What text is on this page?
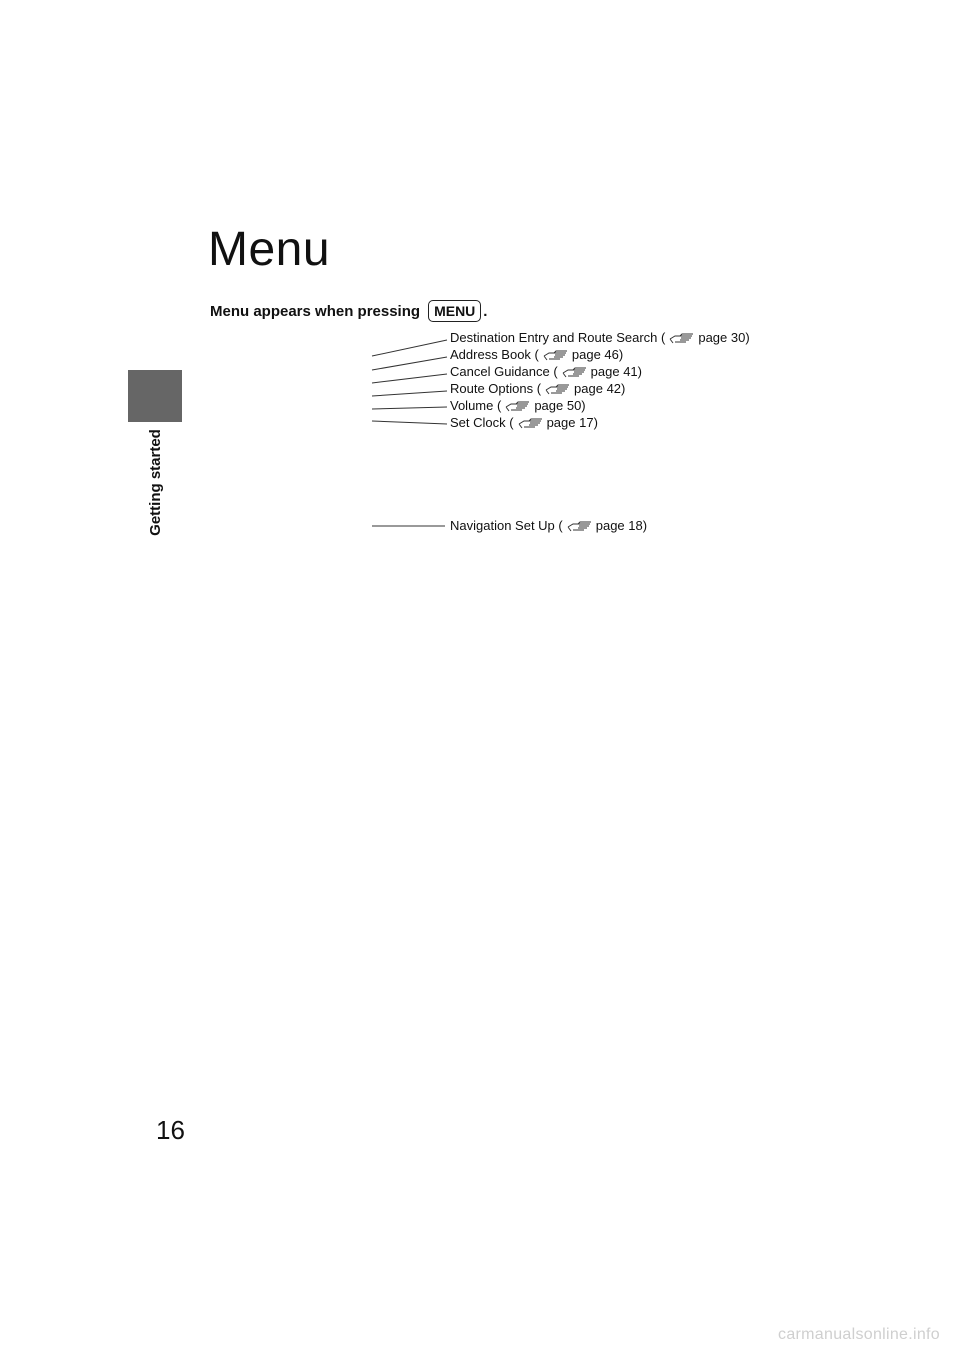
Getting started
Menu
Menu appears when pressing	MENU .
Destination Entry and Route Search (	page 30)
Address Book (	page 46)
Cancel Guidance (	page 41)
Route Options (	page 42)
Volume (	page 50)
Set Clock (	page 17)
Navigation Set Up (	page 18)
16
carmanualsonline.info
